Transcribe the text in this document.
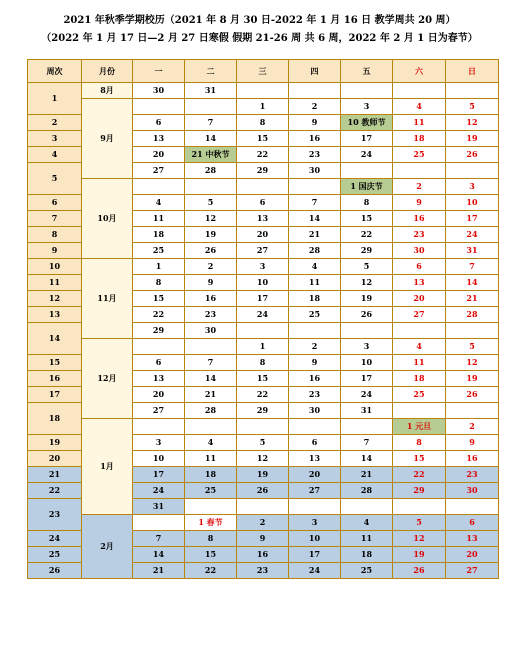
2021 年秋季学期校历（2021 年 8 月 30 日-2022 年 1 月 16 日 教学周共 20 周）
（2022 年 1 月 17 日—2 月 27 日寒假 假期 21-26 周 共 6 周，2022 年 2 月 1 日为春节）
周次	月份	一	二	三	四	五	六	日
1	8月	30	31					
	9月			1	2	3	4	5
2		6	7	8	9	10 教师节	11	12
3		13	14	15	16	17	18	19
4		20	21 中秋节	22	23	24	25	26
5		27	28	29	30			
	10月					1 国庆节	2	3
6		4	5	6	7	8	9	10
7		11	12	13	14	15	16	17
8		18	19	20	21	22	23	24
9		25	26	27	28	29	30	31
10	11月	1	2	3	4	5	6	7
11		8	9	10	11	12	13	14
12		15	16	17	18	19	20	21
13		22	23	24	25	26	27	28
14		29	30					
	12月			1	2	3	4	5
15		6	7	8	9	10	11	12
16		13	14	15	16	17	18	19
17		20	21	22	23	24	25	26
18		27	28	29	30	31		
	1月						1 元旦	2
19		3	4	5	6	7	8	9
20		10	11	12	13	14	15	16
21		17	18	19	20	21	22	23
22		24	25	26	27	28	29	30
23		31						
	2月		1 春节	2	3	4	5	6
24		7	8	9	10	11	12	13
25		14	15	16	17	18	19	20
26		21	22	23	24	25	26	27
